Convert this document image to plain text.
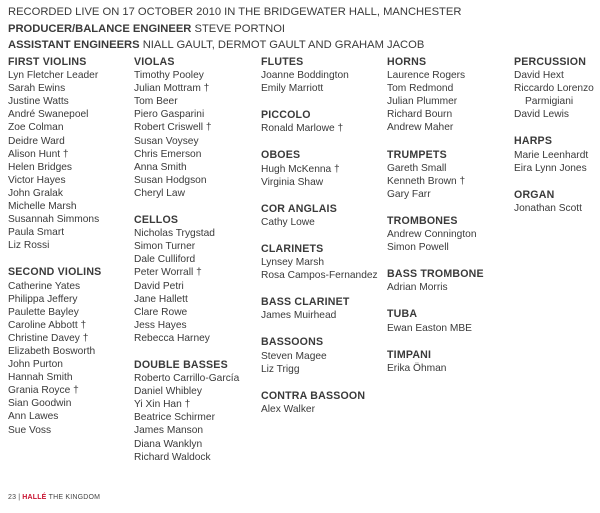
RECORDED LIVE ON 17 OCTOBER 2010 IN THE BRIDGEWATER HALL, MANCHESTER
PRODUCER/BALANCE ENGINEER STEVE PORTNOI
ASSISTANT ENGINEERS NIALL GAULT, DERMOT GAULT AND GRAHAM JACOB
FIRST VIOLINS
Lyn Fletcher Leader
Sarah Ewins
Justine Watts
André Swanepoel
Zoe Colman
Deidre Ward
Alison Hunt †
Helen Bridges
Victor Hayes
John Gralak
Michelle Marsh
Susannah Simmons
Paula Smart
Liz Rossi
SECOND VIOLINS
Catherine Yates
Philippa Jeffery
Paulette Bayley
Caroline Abbott †
Christine Davey †
Elizabeth Bosworth
John Purton
Hannah Smith
Grania Royce †
Sian Goodwin
Ann Lawes
Sue Voss
VIOLAS
Timothy Pooley
Julian Mottram †
Tom Beer
Piero Gasparini
Robert Criswell †
Susan Voysey
Chris Emerson
Anna Smith
Susan Hodgson
Cheryl Law
CELLOS
Nicholas Trygstad
Simon Turner
Dale Culliford
Peter Worrall †
David Petri
Jane Hallett
Clare Rowe
Jess Hayes
Rebecca Harney
DOUBLE BASSES
Roberto Carrillo-García
Daniel Whibley
Yi Xin Han †
Beatrice Schirmer
James Manson
Diana Wanklyn
Richard Waldock
FLUTES
Joanne Boddington
Emily Marriott
PICCOLO
Ronald Marlowe †
OBOES
Hugh McKenna †
Virginia Shaw
COR ANGLAIS
Cathy Lowe
CLARINETS
Lynsey Marsh
Rosa Campos-Fernandez
BASS CLARINET
James Muirhead
BASSOONS
Steven Magee
Liz Trigg
CONTRA BASSOON
Alex Walker
HORNS
Laurence Rogers
Tom Redmond
Julian Plummer
Richard Bourn
Andrew Maher
TRUMPETS
Gareth Small
Kenneth Brown †
Gary Farr
TROMBONES
Andrew Connington
Simon Powell
BASS TROMBONE
Adrian Morris
TUBA
Ewan Easton MBE
TIMPANI
Erika Öhman
PERCUSSION
David Hext
Riccardo Lorenzo
Parmigiani
David Lewis
HARPS
Marie Leenhardt
Eira Lynn Jones
ORGAN
Jonathan Scott
23 | HALLÉ THE KINGDOM
